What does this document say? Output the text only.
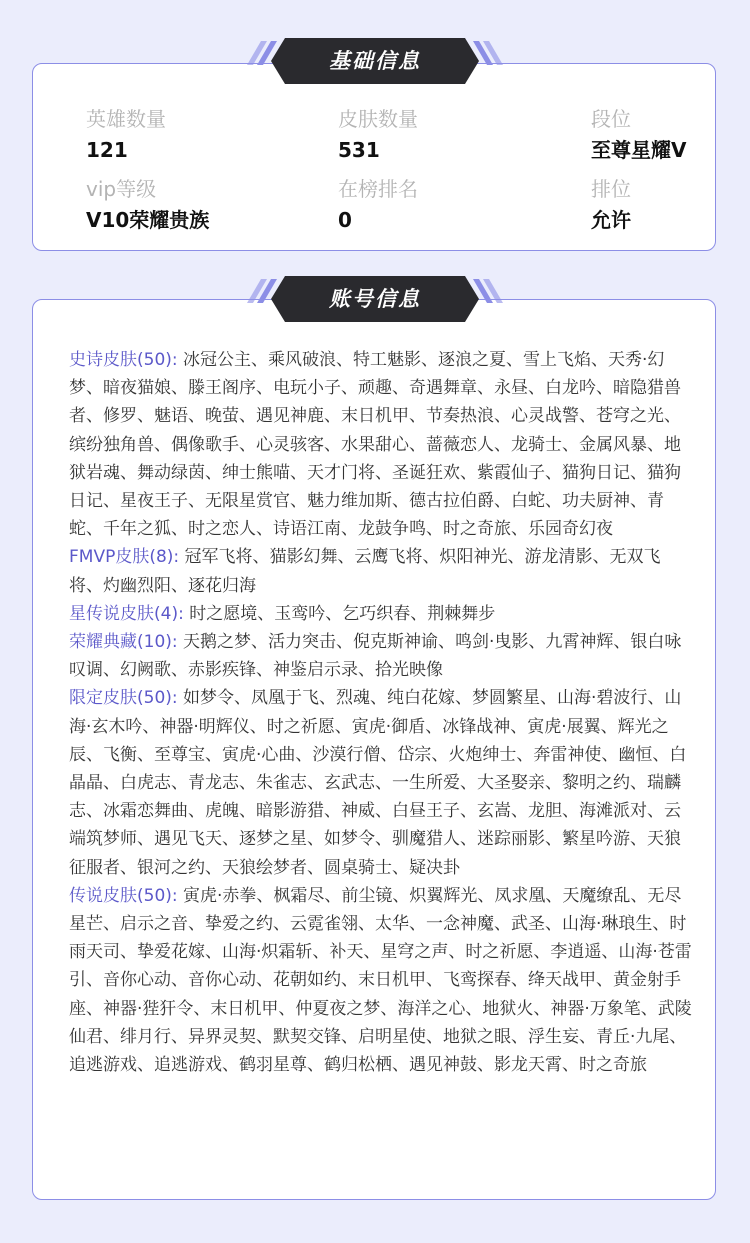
英雄数量
121
皮肤数量
531
段位
至尊星耀V
vip等级
V10荣耀贵族
在榜排名
0
排位
允许
基础信息

史诗皮肤(50): 冰冠公主、乘风破浪、特工魅影、逐浪之夏、雪上飞焰、天秀·幻梦、暗夜猫娘、滕王阁序、电玩小子、顽趣、奇遇舞章、永昼、白龙吟、暗隐猎兽者、修罗、魅语、晚萤、遇见神鹿、末日机甲、节奏热浪、心灵战警、苍穹之光、缤纷独角兽、偶像歌手、心灵骇客、水果甜心、蔷薇恋人、龙骑士、金属风暴、地狱岩魂、舞动绿茵、绅士熊喵、天才门将、圣诞狂欢、紫霞仙子、猫狗日记、猫狗日记、星夜王子、无限星赏官、魅力维加斯、德古拉伯爵、白蛇、功夫厨神、青蛇、千年之狐、时之恋人、诗语江南、龙鼓争鸣、时之奇旅、乐园奇幻夜

FMVP皮肤(8): 冠军飞将、猫影幻舞、云鹰飞将、炽阳神光、游龙清影、无双飞将、灼幽烈阳、逐花归海

星传说皮肤(4): 时之愿境、玉鸾吟、乞巧织春、荆棘舞步

荣耀典藏(10): 天鹅之梦、活力突击、倪克斯神谕、鸣剑·曳影、九霄神辉、银白咏叹调、幻阙歌、赤影疾锋、神鉴启示录、拾光映像

限定皮肤(50): 如梦令、凤凰于飞、烈魂、纯白花嫁、梦圆繁星、山海·碧波行、山海·玄木吟、神器·明辉仪、时之祈愿、寅虎·御盾、冰锋战神、寅虎·展翼、辉光之辰、飞衡、至尊宝、寅虎·心曲、沙漠行僧、岱宗、火炮绅士、奔雷神使、幽恒、白晶晶、白虎志、青龙志、朱雀志、玄武志、一生所爱、大圣娶亲、黎明之约、瑞麟志、冰霜恋舞曲、虎魄、暗影游猎、神威、白昼王子、玄嵩、龙胆、海滩派对、云端筑梦师、遇见飞天、逐梦之星、如梦令、驯魔猎人、迷踪丽影、繁星吟游、天狼征服者、银河之约、天狼绘梦者、圆桌骑士、疑决卦

传说皮肤(50): 寅虎·赤拳、枫霜尽、前尘镜、炽翼辉光、凤求凰、天魔缭乱、无尽星芒、启示之音、挚爱之约、云霓雀翎、太华、一念神魔、武圣、山海·琳琅生、时雨天司、挚爱花嫁、山海·炽霜斩、补天、星穹之声、时之祈愿、李逍遥、山海·苍雷引、音你心动、音你心动、花朝如约、末日机甲、飞鸾探春、绛天战甲、黄金射手座、神器·狴犴令、末日机甲、仲夏夜之梦、海洋之心、地狱火、神器·万象笔、武陵仙君、绯月行、异界灵契、默契交锋、启明星使、地狱之眼、浮生妄、青丘·九尾、追逃游戏、追逃游戏、鹤羽星尊、鹤归松栖、遇见神鼓、影龙天霄、时之奇旅

账号信息
